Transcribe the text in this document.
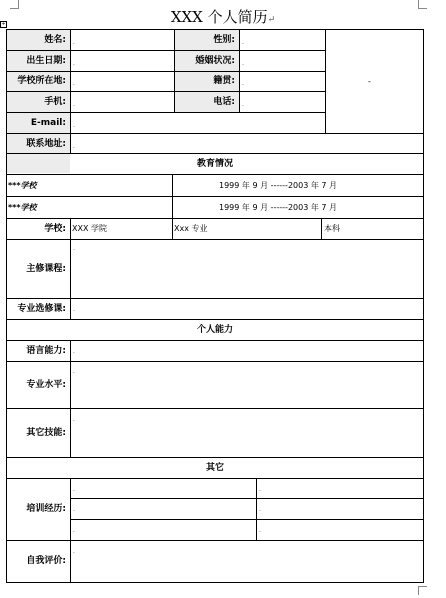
+	XXX 个人简历↵
姓名:	性别:
出生日期:	婚姻状况:
学校所在地:	籍贯:
手机:	电话:
E-mail:
联系地址:
.	.
.	.
.	.
.	.
.
.
-
教育情况
***学校	1999 年 9 月 ------2003 年 7 月
***学校	1999 年 9 月 ------2003 年 7 月
学校: XXX 学院	Xxx 专业	本科
主修课程:
.
专业选修课: .
个人能力
语言能力: .
专业水平:
.
其它技能:
.
其它
培训经历:
.	.
.	.
.	.
自我评价:
.
